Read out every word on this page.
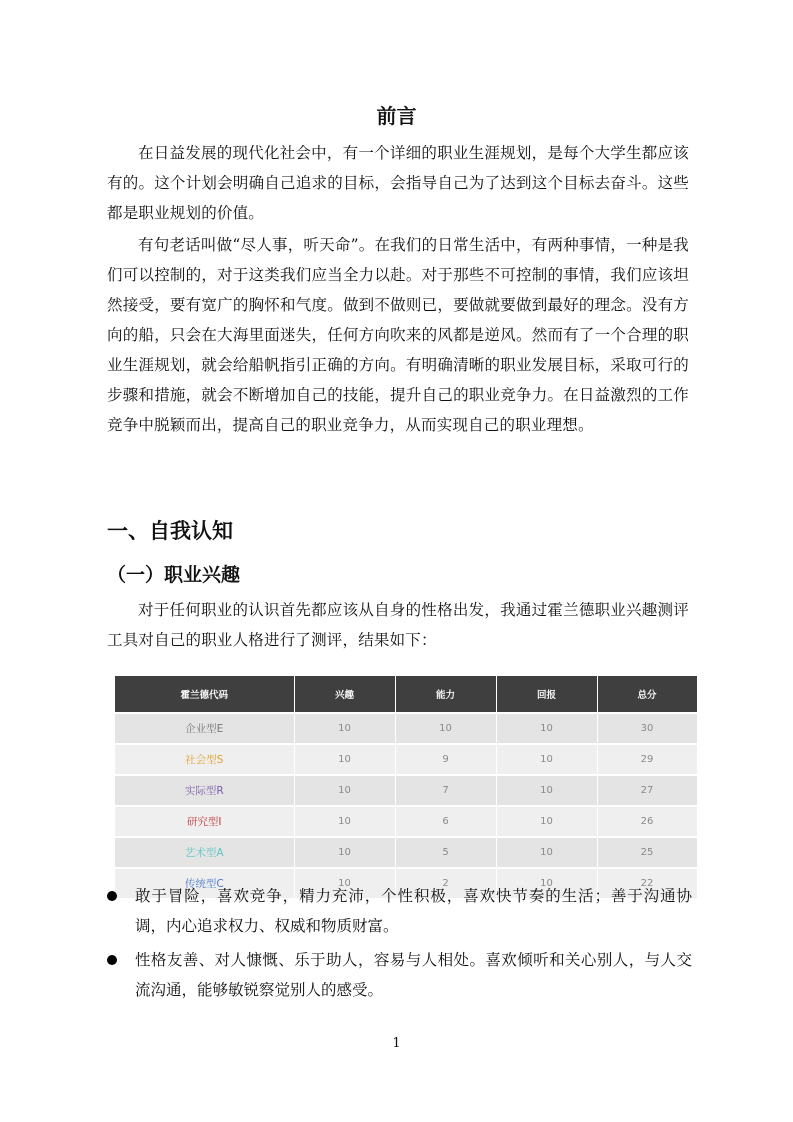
前言

在日益发展的现代化社会中，有一个详细的职业生涯规划，是每个大学生都应该有的。这个计划会明确自己追求的目标，会指导自己为了达到这个目标去奋斗。这些都是职业规划的价值。

有句老话叫做“尽人事，听天命”。在我们的日常生活中，有两种事情，一种是我们可以控制的，对于这类我们应当全力以赴。对于那些不可控制的事情，我们应该坦然接受，要有宽广的胸怀和气度。做到不做则已，要做就要做到最好的理念。没有方向的船，只会在大海里面迷失，任何方向吹来的风都是逆风。然而有了一个合理的职业生涯规划，就会给船帆指引正确的方向。有明确清晰的职业发展目标，采取可行的步骤和措施，就会不断增加自己的技能，提升自己的职业竞争力。在日益激烈的工作竞争中脱颖而出，提高自己的职业竞争力，从而实现自己的职业理想。

一、自我认知
（一）职业兴趣

对于任何职业的认识首先都应该从自身的性格出发，我通过霍兰德职业兴趣测评工具对自己的职业人格进行了测评，结果如下：

霍兰德代码	兴趣	能力	回报	总分
企业型E	10	10	10	30
社会型S	10	9	10	29
实际型R	10	7	10	27
研究型I	10	6	10	26
艺术型A	10	5	10	25
传统型C	10	2	10	22
敢于冒险，喜欢竞争，精力充沛，个性积极，喜欢快节奏的生活；善于沟通协调，内心追求权力、权威和物质财富。
性格友善、对人慷慨、乐于助人，容易与人相处。喜欢倾听和关心别人，与人交流沟通，能够敏锐察觉别人的感受。
1
